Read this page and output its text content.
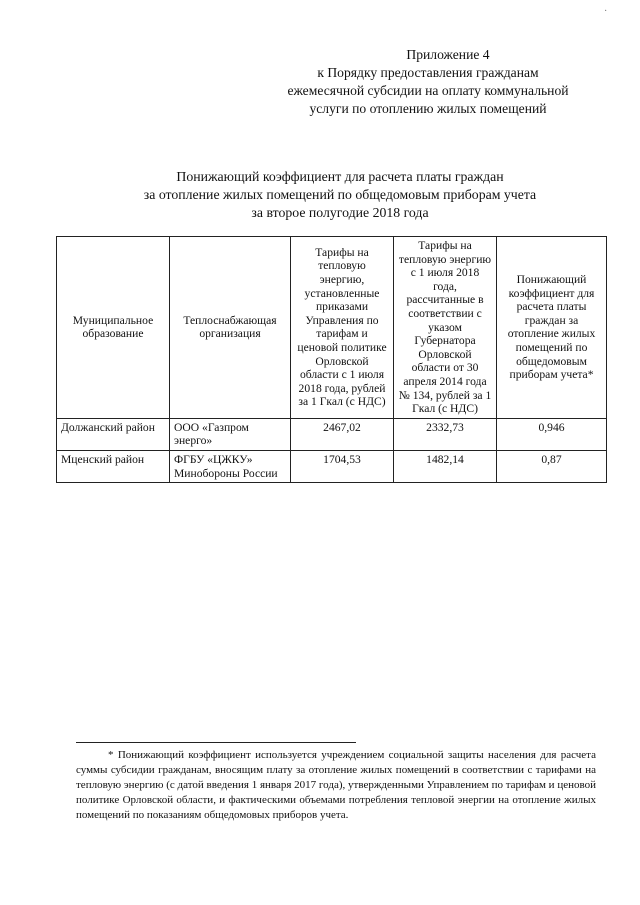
·
Приложение 4
к Порядку предоставления гражданам
ежемесячной субсидии на оплату коммунальной
услуги по отоплению жилых помещений
Понижающий коэффициент для расчета платы граждан
за отопление жилых помещений по общедомовым приборам учета
за второе полугодие 2018 года
Муниципальное образование	Теплоснабжающая организация	Тарифы на тепловую энергию, установленные приказами Управления по тарифам и ценовой политике Орловской области с 1 июля 2018 года, рублей за 1 Гкал (с НДС)	Тарифы на тепловую энергию с 1 июля 2018 года, рассчитанные в соответствии с указом Губернатора Орловской области от 30 апреля 2014 года № 134, рублей за 1 Гкал (с НДС)	Понижающий коэффициент для расчета платы граждан за отопление жилых помещений по общедомовым приборам учета*
Должанский район	ООО «Газпром энерго»	2467,02	2332,73	0,946
Мценский район	ФГБУ «ЦЖКУ» Минобороны России	1704,53	1482,14	0,87
* Понижающий коэффициент используется учреждением социальной защиты населения для расчета суммы субсидии гражданам, вносящим плату за отопление жилых помещений в соответствии с тарифами на тепловую энергию (с датой введения 1 января 2017 года), утвержденными Управлением по тарифам и ценовой политике Орловской области, и фактическими объемами потребления тепловой энергии на отопление жилых помещений по показаниям общедомовых приборов учета.
